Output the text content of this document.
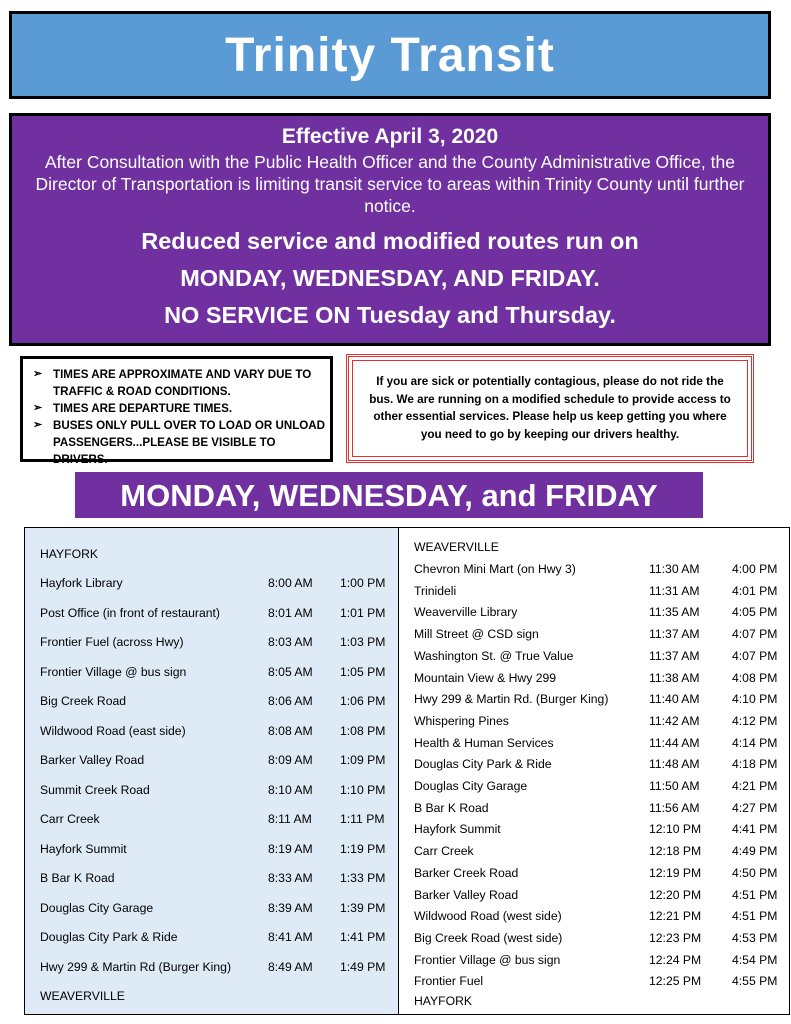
Trinity Transit
Effective April 3, 2020
After Consultation with the Public Health Officer and the County Administrative Office, the Director of Transportation is limiting transit service to areas within Trinity County until further notice.
Reduced service and modified routes run on
MONDAY, WEDNESDAY, AND FRIDAY.
NO SERVICE ON Tuesday and Thursday.
➢ TIMES ARE APPROXIMATE AND VARY DUE TO TRAFFIC & ROAD CONDITIONS.
➢ TIMES ARE DEPARTURE TIMES.
➢ BUSES ONLY PULL OVER TO LOAD OR UNLOAD PASSENGERS...PLEASE BE VISIBLE TO DRIVERS.

If you are sick or potentially contagious, please do not ride the bus. We are running on a modified schedule to provide access to other essential services. Please help us keep getting you where you need to go by keeping our drivers healthy.

MONDAY, WEDNESDAY, and FRIDAY
HAYFORK
WEAVERVILLE
Hayfork Library	8:00 AM 1:00 PM
Post Office (in front of restaurant)	8:01 AM 1:01 PM
Frontier Fuel (across Hwy)	8:03 AM 1:03 PM
Frontier Village @ bus sign	8:05 AM 1:05 PM
Big Creek Road	8:06 AM 1:06 PM
Wildwood Road (east side)	8:08 AM 1:08 PM
Barker Valley Road	8:09 AM 1:09 PM
Summit Creek Road	8:10 AM 1:10 PM
Carr Creek	8:11 AM 1:11 PM
Hayfork Summit	8:19 AM 1:19 PM
B Bar K Road	8:33 AM 1:33 PM
Douglas City Garage	8:39 AM 1:39 PM
Douglas City Park & Ride	8:41 AM 1:41 PM
Hwy 299 & Martin Rd (Burger King)	8:49 AM 1:49 PM
WEAVERVILLE
HAYFORK
Chevron Mini Mart (on Hwy 3)	11:30 AM	4:00 PM
Trinideli	11:31 AM	4:01 PM
Weaverville Library	11:35 AM	4:05 PM
Mill Street @ CSD sign	11:37 AM	4:07 PM
Washington St. @ True Value	11:37 AM	4:07 PM
Mountain View & Hwy 299	11:38 AM	4:08 PM
Hwy 299 & Martin Rd. (Burger King)	11:40 AM	4:10 PM
Whispering Pines	11:42 AM	4:12 PM
Health & Human Services	11:44 AM	4:14 PM
Douglas City Park & Ride	11:48 AM	4:18 PM
Douglas City Garage	11:50 AM	4:21 PM
B Bar K Road	11:56 AM	4:27 PM
Hayfork Summit	12:10 PM	4:41 PM
Carr Creek	12:18 PM	4:49 PM
Barker Creek Road	12:19 PM	4:50 PM
Barker Valley Road	12:20 PM	4:51 PM
Wildwood Road (west side)	12:21 PM	4:51 PM
Big Creek Road (west side)	12:23 PM	4:53 PM
Frontier Village @ bus sign	12:24 PM	4:54 PM
Frontier Fuel	12:25 PM	4:55 PM
